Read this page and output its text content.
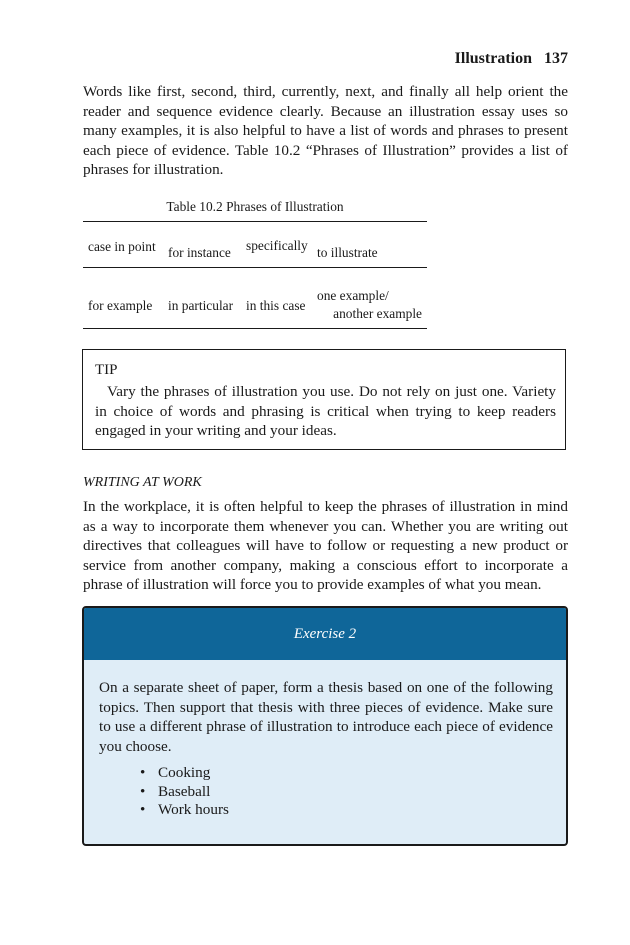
Illustration 137

Words like first, second, third, currently, next, and finally all help orient the reader and sequence evidence clearly. Because an illustration essay uses so many examples, it is also helpful to have a list of words and phrases to present each piece of evidence. Table 10.2 “Phrases of Illustration” provides a list of phrases for illustration.

Table 10.2 Phrases of Illustration
case in point for instance specifically to illustrate
for example in particular in this case
one example/
another example
TIP

Vary the phrases of illustration you use. Do not rely on just one. Variety in choice of words and phrasing is critical when trying to keep readers engaged in your writing and your ideas.

WRITING AT WORK

In the workplace, it is often helpful to keep the phrases of illustration in mind as a way to incorporate them whenever you can. Whether you are writing out directives that colleagues will have to follow or requesting a new product or service from another company, making a conscious effort to incorporate a phrase of illustration will force you to provide examples of what you mean.

Exercise 2

On a separate sheet of paper, form a thesis based on one of the following topics. Then support that thesis with three pieces of evidence. Make sure to use a different phrase of illustration to introduce each piece of evidence you choose.

• Cooking
• Baseball
• Work hours
